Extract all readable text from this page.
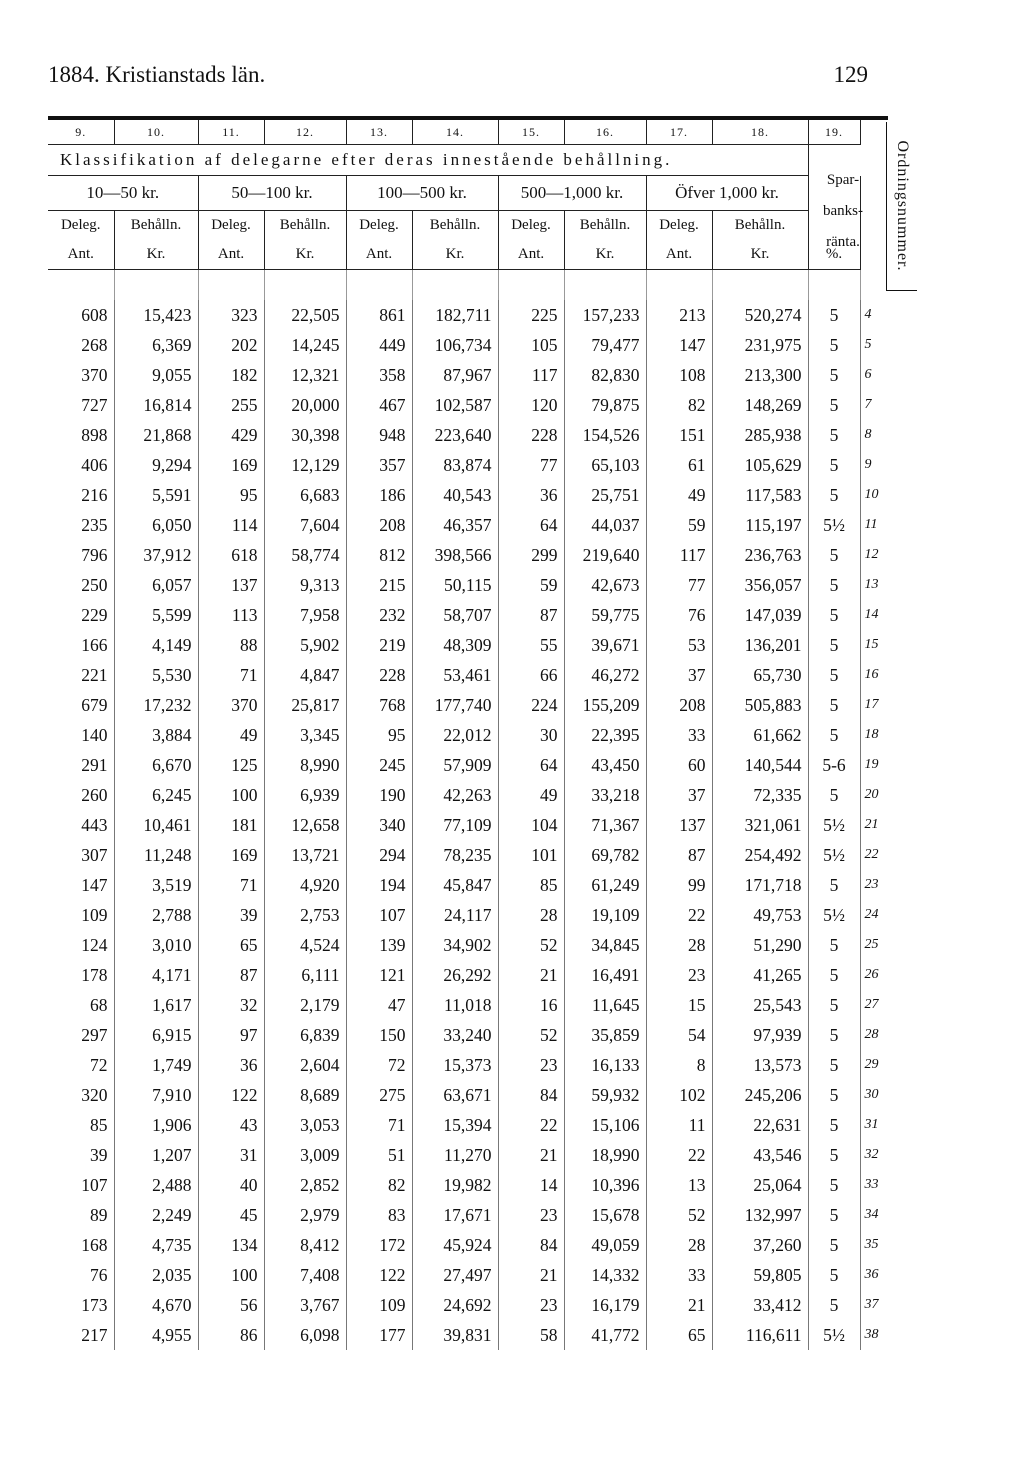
1884. Kristianstads län.	129
9.	10.	11.	12.	13.	14.	15.	16.	17.	18.	19.	
Klassifikation af delegarne efter deras innestående behållning.											
10—50 kr.		50—100 kr.		100—500 kr.		500—1,000 kr.		Öfver 1,000 kr.			
Deleg.	Behålln.	Deleg.	Behålln.	Deleg.	Behålln.	Deleg.	Behålln.	Deleg.	Behålln.		
Ant.	Kr.	Ant.	Kr.	Ant.	Kr.	Ant.	Kr.	Ant.	Kr.	%.	

608	15,423	323	22,505	861	182,711	225	157,233	213	520,274	5	4
268	6,369	202	14,245	449	106,734	105	79,477	147	231,975	5	5
370	9,055	182	12,321	358	87,967	117	82,830	108	213,300	5	6
727	16,814	255	20,000	467	102,587	120	79,875	82	148,269	5	7
898	21,868	429	30,398	948	223,640	228	154,526	151	285,938	5	8
406	9,294	169	12,129	357	83,874	77	65,103	61	105,629	5	9
216	5,591	95	6,683	186	40,543	36	25,751	49	117,583	5	10
235	6,050	114	7,604	208	46,357	64	44,037	59	115,197	5½	11
796	37,912	618	58,774	812	398,566	299	219,640	117	236,763	5	12
250	6,057	137	9,313	215	50,115	59	42,673	77	356,057	5	13
229	5,599	113	7,958	232	58,707	87	59,775	76	147,039	5	14
166	4,149	88	5,902	219	48,309	55	39,671	53	136,201	5	15
221	5,530	71	4,847	228	53,461	66	46,272	37	65,730	5	16
679	17,232	370	25,817	768	177,740	224	155,209	208	505,883	5	17
140	3,884	49	3,345	95	22,012	30	22,395	33	61,662	5	18
291	6,670	125	8,990	245	57,909	64	43,450	60	140,544	5-6	19
260	6,245	100	6,939	190	42,263	49	33,218	37	72,335	5	20
443	10,461	181	12,658	340	77,109	104	71,367	137	321,061	5½	21
307	11,248	169	13,721	294	78,235	101	69,782	87	254,492	5½	22
147	3,519	71	4,920	194	45,847	85	61,249	99	171,718	5	23
109	2,788	39	2,753	107	24,117	28	19,109	22	49,753	5½	24
124	3,010	65	4,524	139	34,902	52	34,845	28	51,290	5	25
178	4,171	87	6,111	121	26,292	21	16,491	23	41,265	5	26
68	1,617	32	2,179	47	11,018	16	11,645	15	25,543	5	27
297	6,915	97	6,839	150	33,240	52	35,859	54	97,939	5	28
72	1,749	36	2,604	72	15,373	23	16,133	8	13,573	5	29
320	7,910	122	8,689	275	63,671	84	59,932	102	245,206	5	30
85	1,906	43	3,053	71	15,394	22	15,106	11	22,631	5	31
39	1,207	31	3,009	51	11,270	21	18,990	22	43,546	5	32
107	2,488	40	2,852	82	19,982	14	10,396	13	25,064	5	33
89	2,249	45	2,979	83	17,671	23	15,678	52	132,997	5	34
168	4,735	134	8,412	172	45,924	84	49,059	28	37,260	5	35
76	2,035	100	7,408	122	27,497	21	14,332	33	59,805	5	36
173	4,670	56	3,767	109	24,692	23	16,179	21	33,412	5	37
217	4,955	86	6,098	177	39,831	58	41,772	65	116,611	5½	38
Spar-
banks-
ränta.	Ordningsnummer.
